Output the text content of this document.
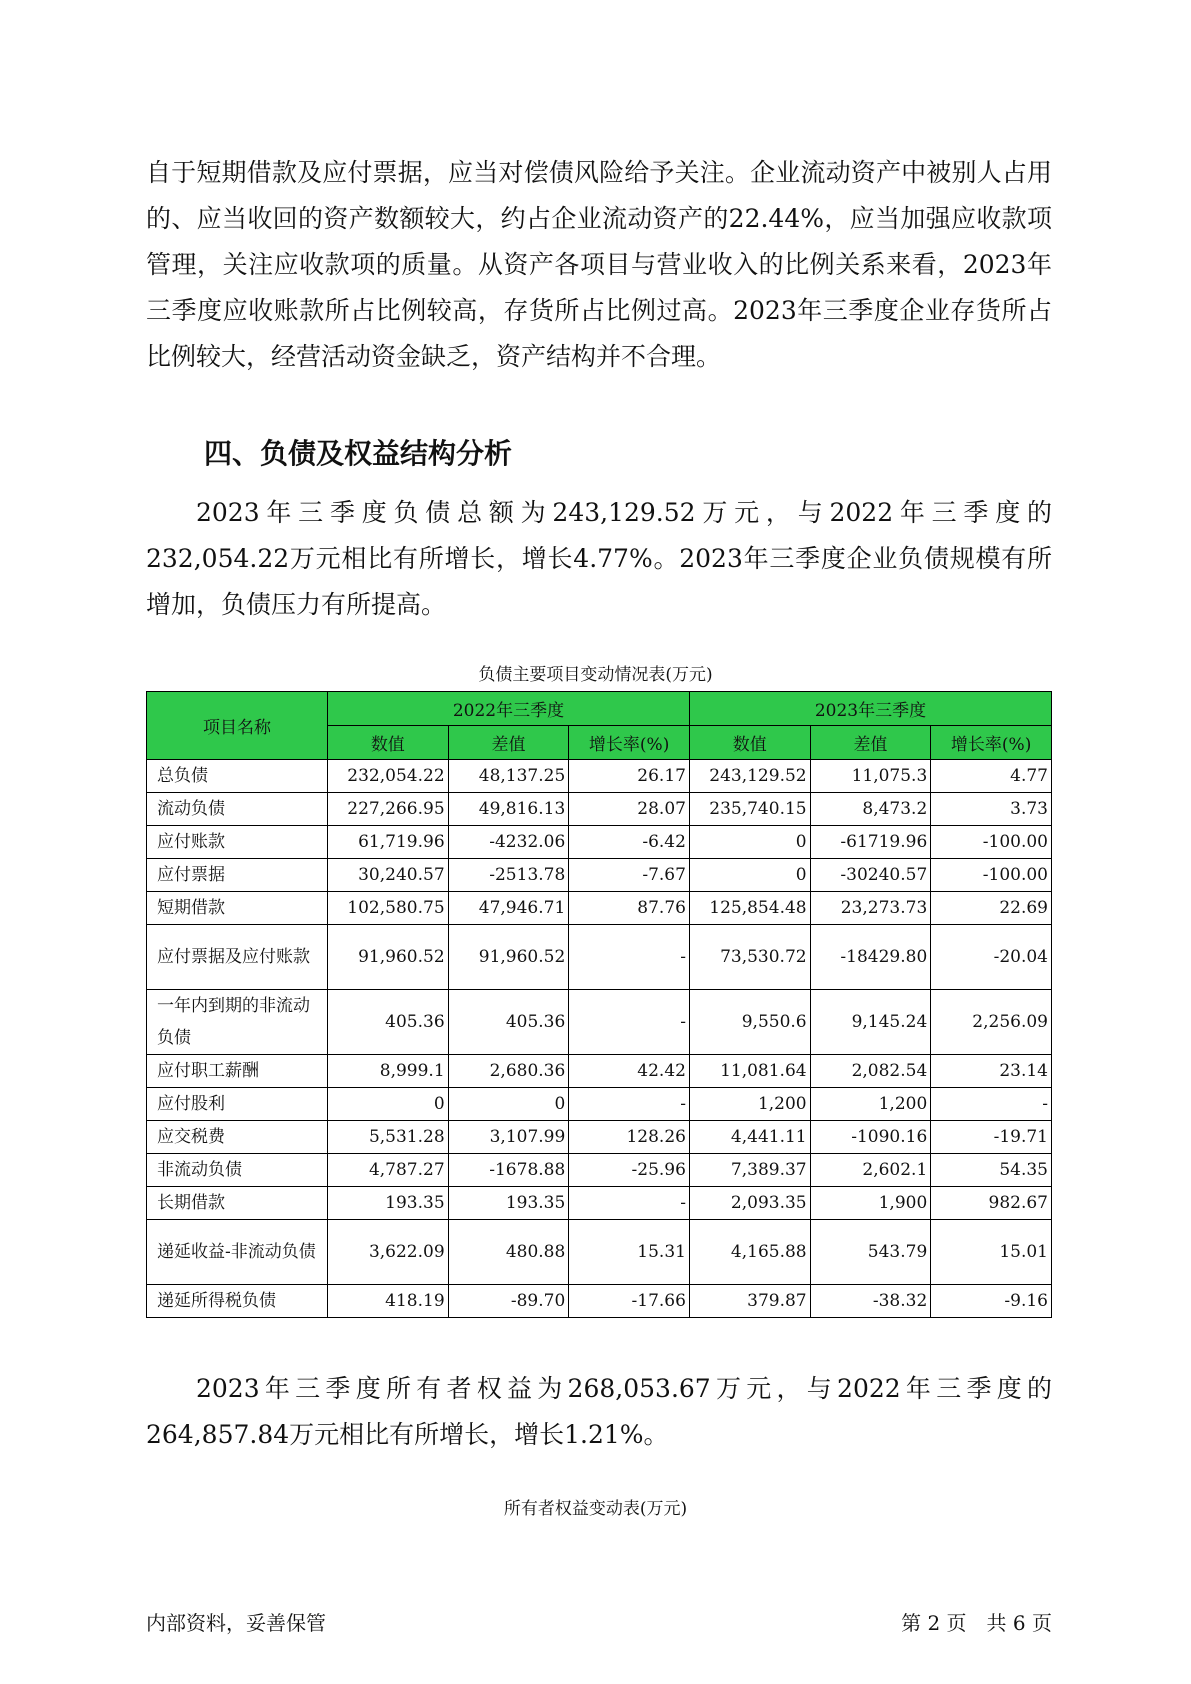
自于短期借款及应付票据，应当对偿债风险给予关注。企业流动资产中被别人占用的、应当收回的资产数额较大，约占企业流动资产的22.44%，应当加强应收款项管理，关注应收款项的质量。从资产各项目与营业收入的比例关系来看，2023年三季度应收账款所占比例较高，存货所占比例过高。2023年三季度企业存货所占比例较大，经营活动资金缺乏，资产结构并不合理。

四、负债及权益结构分析

2023年三季度负债总额为243,129.52万元，与2022年三季度的232,054.22万元相比有所增长，增长4.77%。2023年三季度企业负债规模有所增加，负债压力有所提高。

负债主要项目变动情况表(万元)
项目名称	2022年三季度			2023年三季度		
	数值	差值	增长率(%)	数值	差值	增长率(%)
总负债	232,054.22	48,137.25	26.17	243,129.52	11,075.3	4.77
流动负债	227,266.95	49,816.13	28.07	235,740.15	8,473.2	3.73
应付账款	61,719.96	-4232.06	-6.42	0	-61719.96	-100.00
应付票据	30,240.57	-2513.78	-7.67	0	-30240.57	-100.00
短期借款	102,580.75	47,946.71	87.76	125,854.48	23,273.73	22.69
应付票据及应付账款	91,960.52	91,960.52	-	73,530.72	-18429.80	-20.04
一年内到期的非流动负债	405.36	405.36	-	9,550.6	9,145.24	2,256.09
应付职工薪酬	8,999.1	2,680.36	42.42	11,081.64	2,082.54	23.14
应付股利	0	0	-	1,200	1,200	-
应交税费	5,531.28	3,107.99	128.26	4,441.11	-1090.16	-19.71
非流动负债	4,787.27	-1678.88	-25.96	7,389.37	2,602.1	54.35
长期借款	193.35	193.35	-	2,093.35	1,900	982.67
递延收益-非流动负债	3,622.09	480.88	15.31	4,165.88	543.79	15.01
递延所得税负债	418.19	-89.70	-17.66	379.87	-38.32	-9.16

2023年三季度所有者权益为268,053.67万元，与2022年三季度的264,857.84万元相比有所增长，增长1.21%。

所有者权益变动表(万元)
内部资料，妥善保管	第 2 页　共 6 页
